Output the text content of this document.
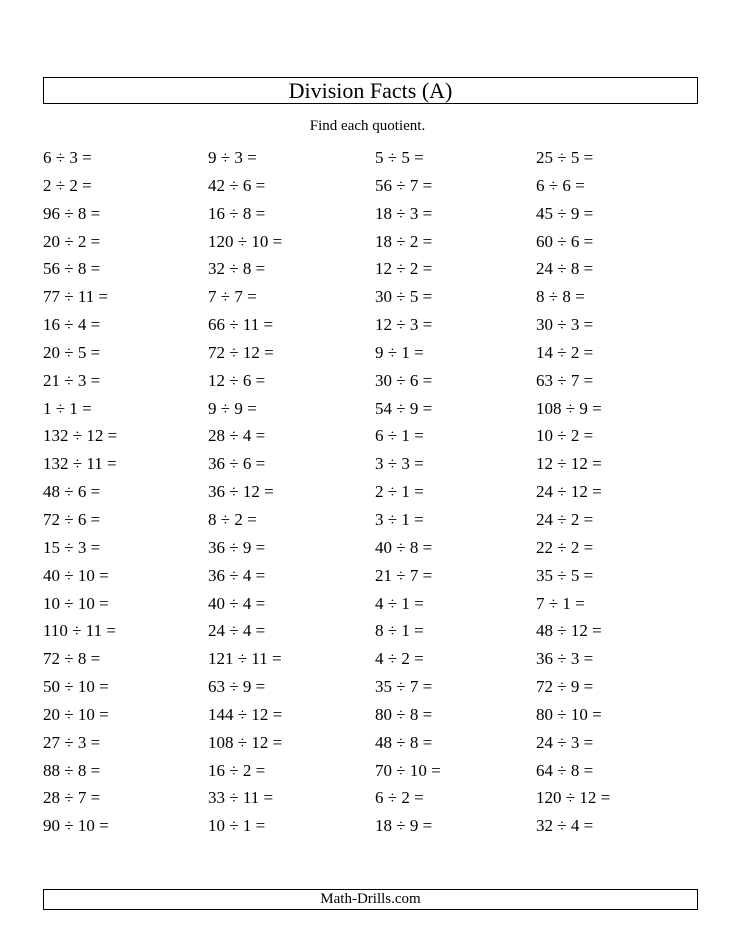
Division Facts (A)
Find each quotient.
6 ÷ 3 =	9 ÷ 3 =	5 ÷ 5 =	25 ÷ 5 =
2 ÷ 2 =	42 ÷ 6 =	56 ÷ 7 =	6 ÷ 6 =
96 ÷ 8 =	16 ÷ 8 =	18 ÷ 3 =	45 ÷ 9 =
20 ÷ 2 =	120 ÷ 10 =	18 ÷ 2 =	60 ÷ 6 =
56 ÷ 8 =	32 ÷ 8 =	12 ÷ 2 =	24 ÷ 8 =
77 ÷ 11 =	7 ÷ 7 =	30 ÷ 5 =	8 ÷ 8 =
16 ÷ 4 =	66 ÷ 11 =	12 ÷ 3 =	30 ÷ 3 =
20 ÷ 5 =	72 ÷ 12 =	9 ÷ 1 =	14 ÷ 2 =
21 ÷ 3 =	12 ÷ 6 =	30 ÷ 6 =	63 ÷ 7 =
1 ÷ 1 =	9 ÷ 9 =	54 ÷ 9 =	108 ÷ 9 =
132 ÷ 12 =	28 ÷ 4 =	6 ÷ 1 =	10 ÷ 2 =
132 ÷ 11 =	36 ÷ 6 =	3 ÷ 3 =	12 ÷ 12 =
48 ÷ 6 =	36 ÷ 12 =	2 ÷ 1 =	24 ÷ 12 =
72 ÷ 6 =	8 ÷ 2 =	3 ÷ 1 =	24 ÷ 2 =
15 ÷ 3 =	36 ÷ 9 =	40 ÷ 8 =	22 ÷ 2 =
40 ÷ 10 =	36 ÷ 4 =	21 ÷ 7 =	35 ÷ 5 =
10 ÷ 10 =	40 ÷ 4 =	4 ÷ 1 =	7 ÷ 1 =
110 ÷ 11 =	24 ÷ 4 =	8 ÷ 1 =	48 ÷ 12 =
72 ÷ 8 =	121 ÷ 11 =	4 ÷ 2 =	36 ÷ 3 =
50 ÷ 10 =	63 ÷ 9 =	35 ÷ 7 =	72 ÷ 9 =
20 ÷ 10 =	144 ÷ 12 =	80 ÷ 8 =	80 ÷ 10 =
27 ÷ 3 =	108 ÷ 12 =	48 ÷ 8 =	24 ÷ 3 =
88 ÷ 8 =	16 ÷ 2 =	70 ÷ 10 =	64 ÷ 8 =
28 ÷ 7 =	33 ÷ 11 =	6 ÷ 2 =	120 ÷ 12 =
90 ÷ 10 =	10 ÷ 1 =	18 ÷ 9 =	32 ÷ 4 =
Math-Drills.com
